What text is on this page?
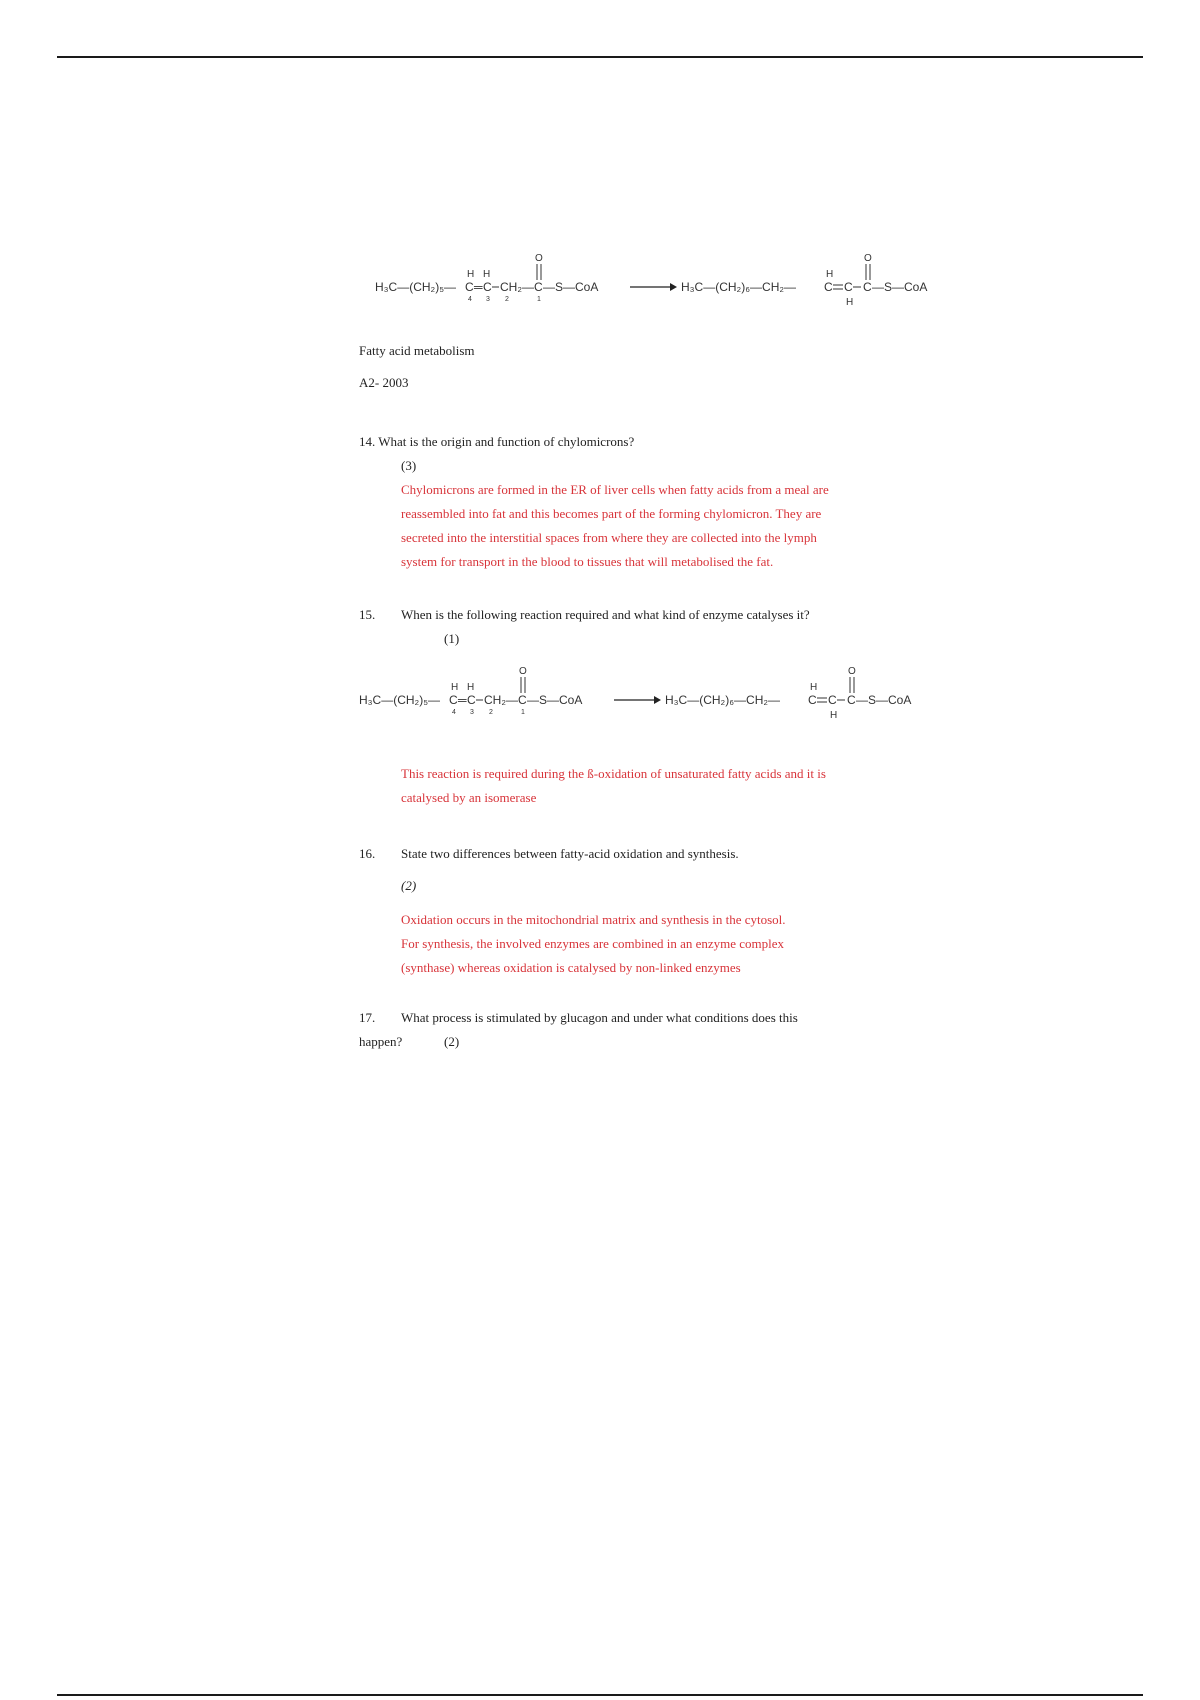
H₃C—(CH₂)₅—
H H
C ═ C CH₂—
4 3 2
O
C
1
—S—CoA	H₃C—(CH₂)₆—CH₂—
H
C C
H
O
C —S—CoA
Fatty acid metabolism
A2- 2003
14. What is the origin and function of chylomicrons?
(3)
Chylomicrons are formed in the ER of liver cells when fatty acids from a meal are
reassembled into fat and this becomes part of the forming chylomicron. They are
secreted into the interstitial spaces from where they are collected into the lymph
system for transport in the blood to tissues that will metabolised the fat.
15. When is the following reaction required and what kind of enzyme catalyses it?
(1)
H₃C—(CH₂)₅—
H H
C ═ C CH₂—
4 3 2
O
C
1
—S—CoA	H₃C—(CH₂)₆—CH₂—
H
C C
H
O
C —S—CoA
This reaction is required during the ß-oxidation of unsaturated fatty acids and it is
catalysed by an isomerase
16. State two differences between fatty-acid oxidation and synthesis.
(2)
Oxidation occurs in the mitochondrial matrix and synthesis in the cytosol.
For synthesis, the involved enzymes are combined in an enzyme complex
(synthase) whereas oxidation is catalysed by non-linked enzymes
17. What process is stimulated by glucagon and under what conditions does this
happen?	(2)
